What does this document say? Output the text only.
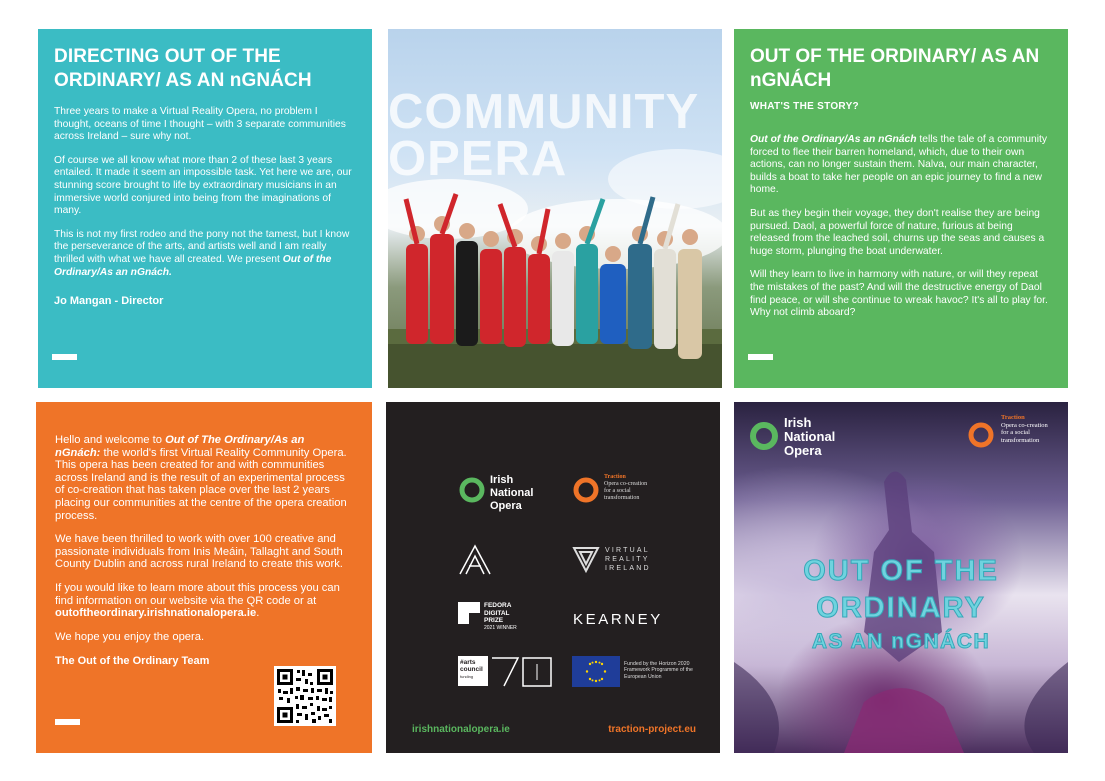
DIRECTING OUT OF THE ORDINARY/ AS AN nGNÁCH

Three years to make a Virtual Reality Opera, no problem I thought, oceans of time I thought – with 3 separate communities across Ireland – sure why not.

Of course we all know what more than 2 of these last 3 years entailed. It made it seem an impossible task. Yet here we are, our stunning score brought to life by extraordinary musicians in an immersive world conjured into being from the imaginations of many.

This is not my first rodeo and the pony not the tamest, but I know the perseverance of the arts, and artists well and I am really thrilled with what we have all created. We present Out of the Ordinary/As an nGnách.

Jo Mangan - Director
COMMUNITY
OPERA
OUT OF THE ORDINARY/ AS AN nGNÁCH
WHAT'S THE STORY?

Out of the Ordinary/As an nGnách tells the tale of a community forced to flee their barren homeland, which, due to their own actions, can no longer sustain them. Nalva, our main character, builds a boat to take her people on an epic journey to find a new home.

But as they begin their voyage, they don't realise they are being pursued. Daol, a powerful force of nature, furious at being released from the leached soil, churns up the seas and causes a huge storm, plunging the boat underwater.

Will they learn to live in harmony with nature, or will they repeat the mistakes of the past? And will the destructive energy of Daol find peace, or will she continue to wreak havoc? It's all to play for. Why not climb aboard?

Hello and welcome to Out of The Ordinary/As an nGnách: the world's first Virtual Reality Community Opera. This opera has been created for and with communities across Ireland and is the result of an experimental process of co-creation that has taken place over the last 2 years placing our communities at the centre of the opera creation process.

We have been thrilled to work with over 100 creative and passionate individuals from Inis Meáin, Tallaght and South County Dublin and across rural Ireland to create this work.

If you would like to learn more about this process you can find information on our website via the QR code or at outoftheordinary.irishnationalopera.ie.

We hope you enjoy the opera.

The Out of the Ordinary Team
Irish
National
Opera
Traction
Opera co-creation
for a social
transformation
VIRTUAL
REALITY
IRELAND
FEDORA
DIGITAL
PRIZE
2021 WINNER	KEARNEY
#arts
council
funding
Funded by the Horizon 2020
Framework Programme of the
European Union
irishnationalopera.ie	traction-project.eu
Irish
National
Opera
Traction
Opera co-creation
for a social
transformation
OUT OF THE
ORDINARY
AS AN nGNÁCH
